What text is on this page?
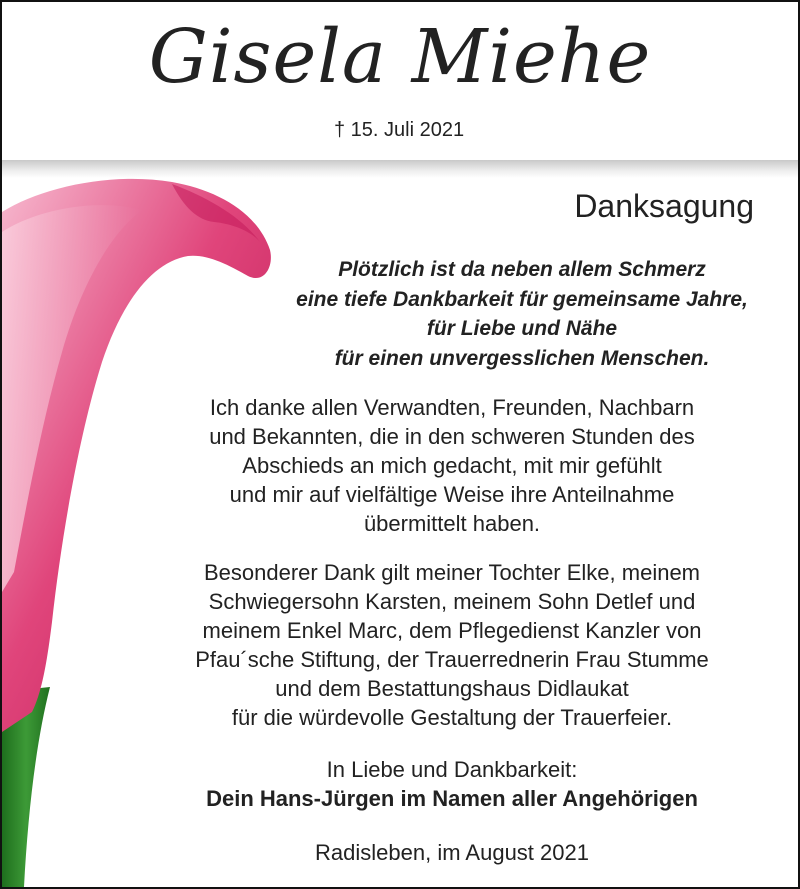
Gisela Miehe
† 15. Juli 2021
Danksagung
Plötzlich ist da neben allem Schmerz
eine tiefe Dankbarkeit für gemeinsame Jahre,
für Liebe und Nähe
für einen unvergesslichen Menschen.
Ich danke allen Verwandten, Freunden, Nachbarn
und Bekannten, die in den schweren Stunden des
Abschieds an mich gedacht, mit mir gefühlt
und mir auf vielfältige Weise ihre Anteilnahme
übermittelt haben.
Besonderer Dank gilt meiner Tochter Elke, meinem
Schwiegersohn Karsten, meinem Sohn Detlef und
meinem Enkel Marc, dem Pflegedienst Kanzler von
Pfau´sche Stiftung, der Trauerrednerin Frau Stumme
und dem Bestattungshaus Didlaukat
für die würdevolle Gestaltung der Trauerfeier.
In Liebe und Dankbarkeit:
Dein Hans-Jürgen im Namen aller Angehörigen
Radisleben, im August 2021
